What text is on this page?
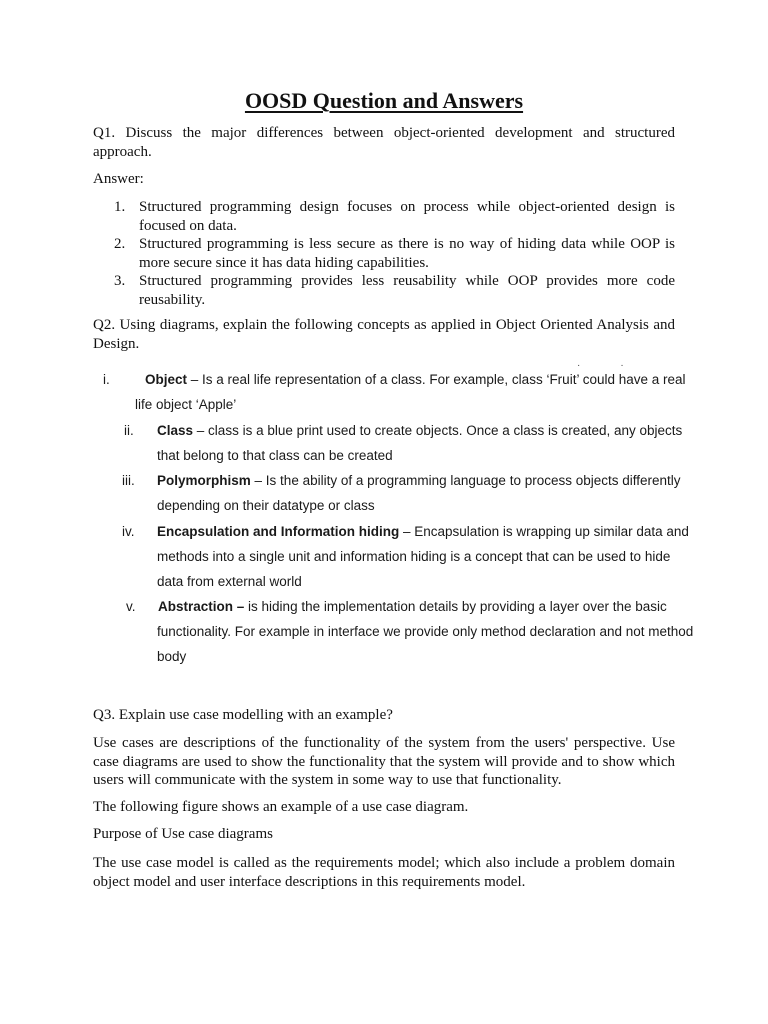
OOSD Question and Answers
Q1. Discuss the major differences between object-oriented development and structured approach.
Answer:
1. Structured programming design focuses on process while object-oriented design is focused on data.
2. Structured programming is less secure as there is no way of hiding data while OOP is more secure since it has data hiding capabilities.
3. Structured programming provides less reusability while OOP provides more code reusability.
Q2. Using diagrams, explain the following concepts as applied in Object Oriented Analysis and Design.
··
i.	Object – Is a real life representation of a class. For example, class ‘Fruit’ could have a real
life object ‘Apple’
ii. Class – class is a blue print used to create objects. Once a class is created, any objects
that belong to that class can be created
iii. Polymorphism – Is the ability of a programming language to process objects differently
depending on their datatype or class
iv. Encapsulation and Information hiding – Encapsulation is wrapping up similar data and
methods into a single unit and information hiding is a concept that can be used to hide
data from external world
v. Abstraction – is hiding the implementation details by providing a layer over the basic
functionality. For example in interface we provide only method declaration and not method
body
Q3. Explain use case modelling with an example?
Use cases are descriptions of the functionality of the system from the users' perspective. Use case diagrams are used to show the functionality that the system will provide and to show which users will communicate with the system in some way to use that functionality.
The following figure shows an example of a use case diagram.
Purpose of Use case diagrams
The use case model is called as the requirements model; which also include a problem domain object model and user interface descriptions in this requirements model.
